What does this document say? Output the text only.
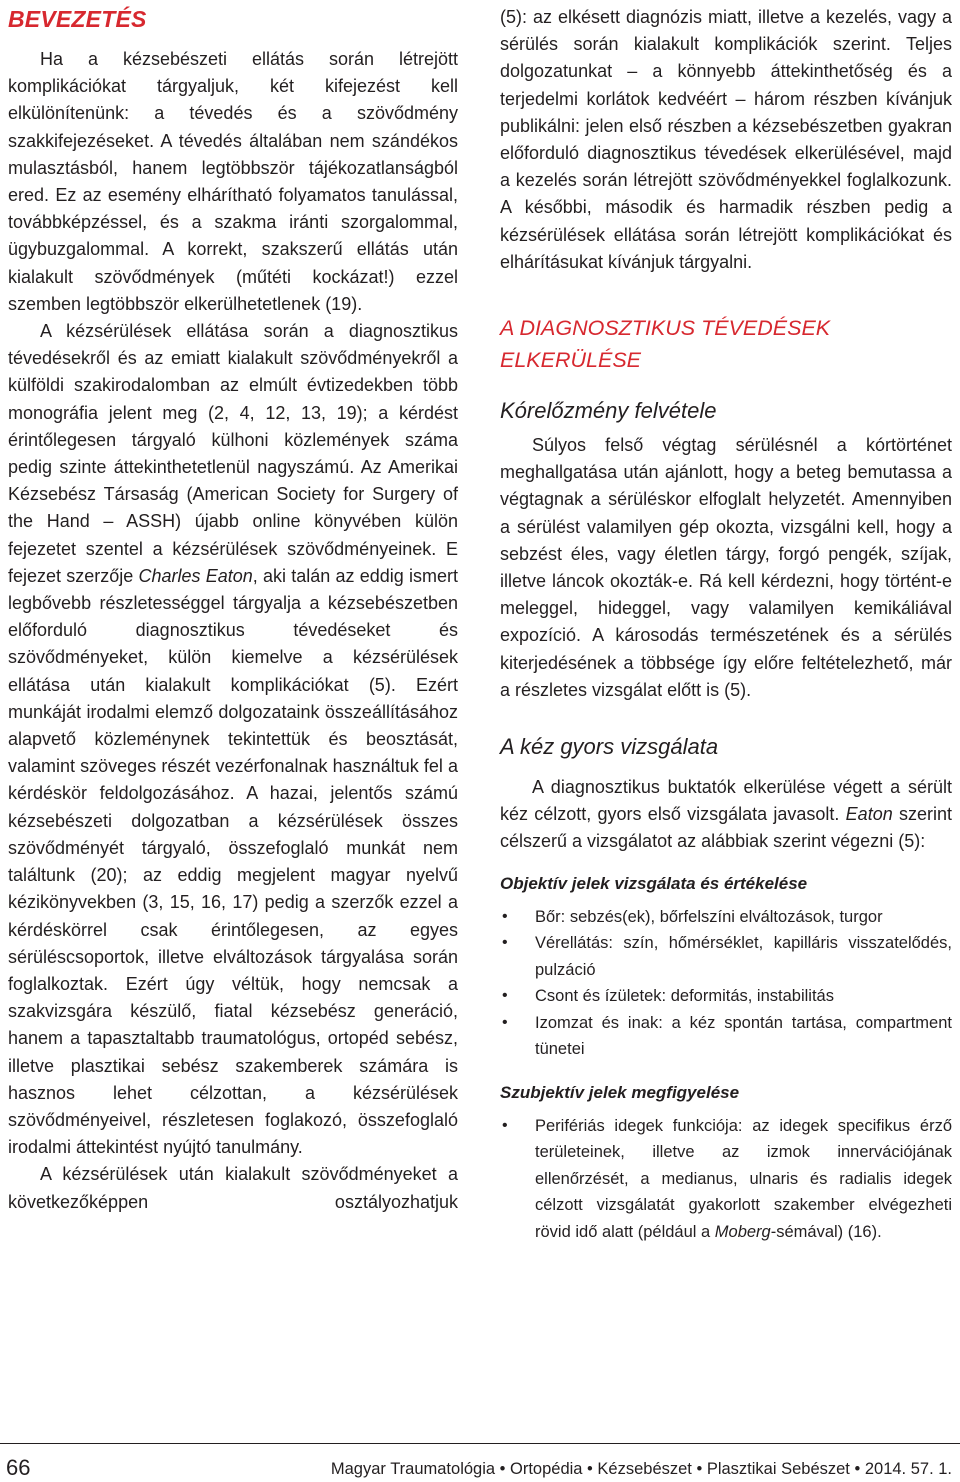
BEVEZETÉS

Ha a kézsebészeti ellátás során létrejött komplikációkat tárgyaljuk, két kifejezést kell elkülönítenünk: a tévedés és a szövődmény szakkifejezéseket. A tévedés általában nem szándékos mulasztásból, hanem legtöbbször tájékozatlanságból ered. Ez az esemény elhárítható folyamatos tanulással, továbbképzéssel, és a szakma iránti szorgalommal, ügybuzgalommal. A korrekt, szakszerű ellátás után kialakult szövődmények (műtéti kockázat!) ezzel szemben legtöbbször elkerülhetetlenek (19).

A kézsérülések ellátása során a diagnosztikus tévedésekről és az emiatt kialakult szövődményekről a külföldi szakirodalomban az elmúlt évtizedekben több monográfia jelent meg (2, 4, 12, 13, 19); a kérdést érintőlegesen tárgyaló külhoni közlemények száma pedig szinte áttekinthetetlenül nagyszámú. Az Amerikai Kézsebész Társaság (American Society for Surgery of the Hand – ASSH) újabb online könyvében külön fejezetet szentel a kézsérülések szövődményeinek. E fejezet szerzője Charles Eaton, aki talán az eddig ismert legbővebb részletességgel tárgyalja a kézsebészetben előforduló diagnosztikus tévedéseket és szövődményeket, külön kiemelve a kézsérülések ellátása után kialakult komplikációkat (5). Ezért munkáját irodalmi elemző dolgozataink összeállításához alapvető közleménynek tekintettük és beosztását, valamint szöveges részét vezérfonalnak használtuk fel a kérdéskör feldolgozásához. A hazai, jelentős számú kézsebészeti dolgozatban a kézsérülések összes szövődményét tárgyaló, összefoglaló munkát nem találtunk (20); az eddig megjelent magyar nyelvű kézikönyvekben (3, 15, 16, 17) pedig a szerzők ezzel a kérdéskörrel csak érintőlegesen, az egyes sérüléscsoportok, illetve elváltozások tárgyalása során foglalkoztak. Ezért úgy véltük, hogy nemcsak a szakvizsgára készülő, fiatal kézsebész generáció, hanem a tapasztaltabb traumatológus, ortopéd sebész, illetve plasztikai sebész szakemberek számára is hasznos lehet célzottan, a kézsérülések szövődményeivel, részletesen foglakozó, összefoglaló irodalmi áttekintést nyújtó tanulmány.

A kézsérülések után kialakult szövődményeket a következőképpen osztályozhatjuk

(5): az elkésett diagnózis miatt, illetve a kezelés, vagy a sérülés során kialakult komplikációk szerint. Teljes dolgozatunkat – a könnyebb áttekinthetőség és a terjedelmi korlátok kedvéért – három részben kívánjuk publikálni: jelen első részben a kézsebészetben gyakran előforduló diagnosztikus tévedések elkerülésével, majd a kezelés során létrejött szövődményekkel foglalkozunk. A későbbi, második és harmadik részben pedig a kézsérülések ellátása során létrejött komplikációkat és elhárításukat kívánjuk tárgyalni.

A DIAGNOSZTIKUS TÉVEDÉSEK
ELKERÜLÉSE
Kórelőzmény felvétele

Súlyos felső végtag sérülésnél a kórtörténet meghallgatása után ajánlott, hogy a beteg bemutassa a végtagnak a sérüléskor elfoglalt helyzetét. Amennyiben a sérülést valamilyen gép okozta, vizsgálni kell, hogy a sebzést éles, vagy életlen tárgy, forgó pengék, szíjak, illetve láncok okozták-e. Rá kell kérdezni, hogy történt-e meleggel, hideggel, vagy valamilyen kemikáliával expozíció. A károsodás természetének és a sérülés kiterjedésének a többsége így előre feltételezhető, már a részletes vizsgálat előtt is (5).

A kéz gyors vizsgálata

A diagnosztikus buktatók elkerülése végett a sérült kéz célzott, gyors első vizsgálata javasolt. Eaton szerint célszerű a vizsgálatot az alábbiak szerint végezni (5):

Objektív jelek vizsgálata és értékelése
• Bőr: sebzés(ek), bőrfelszíni elváltozások, turgor
• Vérellátás: szín, hőmérséklet, kapilláris visszatelődés, pulzáció
• Csont és ízületek: deformitás, instabilitás
• Izomzat és inak: a kéz spontán tartása, compartment tünetei
Szubjektív jelek megfigyelése
• Perifériás idegek funkciója: az idegek specifikus érző területeinek, illetve az izmok innervációjának ellenőrzését, a medianus, ulnaris és radialis idegek célzott vizsgálatát gyakorlott szakember elvégezheti rövid idő alatt (például a Moberg-sémával) (16).
66	Magyar Traumatológia • Ortopédia • Kézsebészet • Plasztikai Sebészet • 2014. 57. 1.
